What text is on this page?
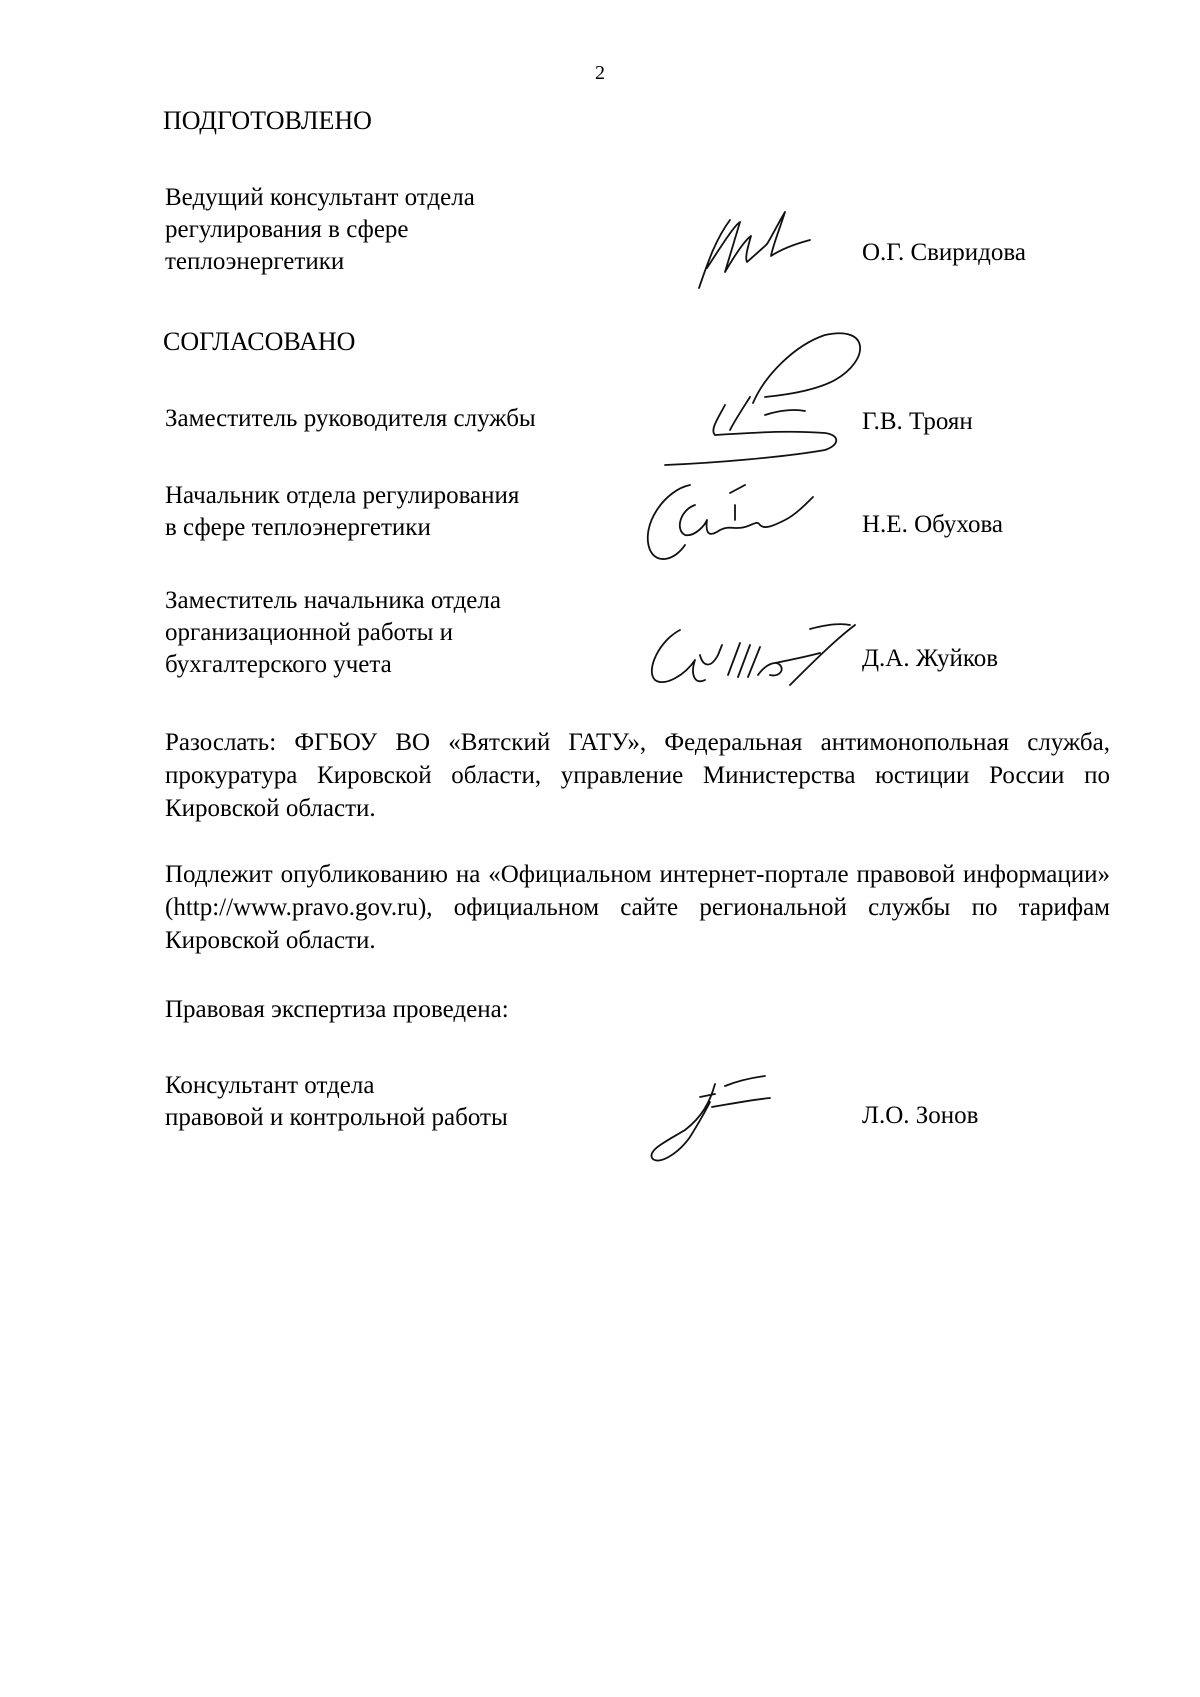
2
ПОДГОТОВЛЕНО
Ведущий консультант отдела
регулирования в сфере
теплоэнергетики	О.Г. Свиридова
СОГЛАСОВАНО
Заместитель руководителя службы	Г.В. Троян
Начальник отдела регулирования
в сфере теплоэнергетики	Н.Е. Обухова
Заместитель начальника отдела
организационной работы и
бухгалтерского учета	Д.А. Жуйков
Разослать: ФГБОУ ВО «Вятский ГАТУ», Федеральная антимонопольная служба, прокуратура Кировской области, управление Министерства юстиции России по Кировской области.
Подлежит опубликованию на «Официальном интернет-портале правовой информации» (http://www.pravo.gov.ru), официальном сайте региональной службы по тарифам Кировской области.
Правовая экспертиза проведена:
Консультант отдела
правовой и контрольной работы	Л.О. Зонов
